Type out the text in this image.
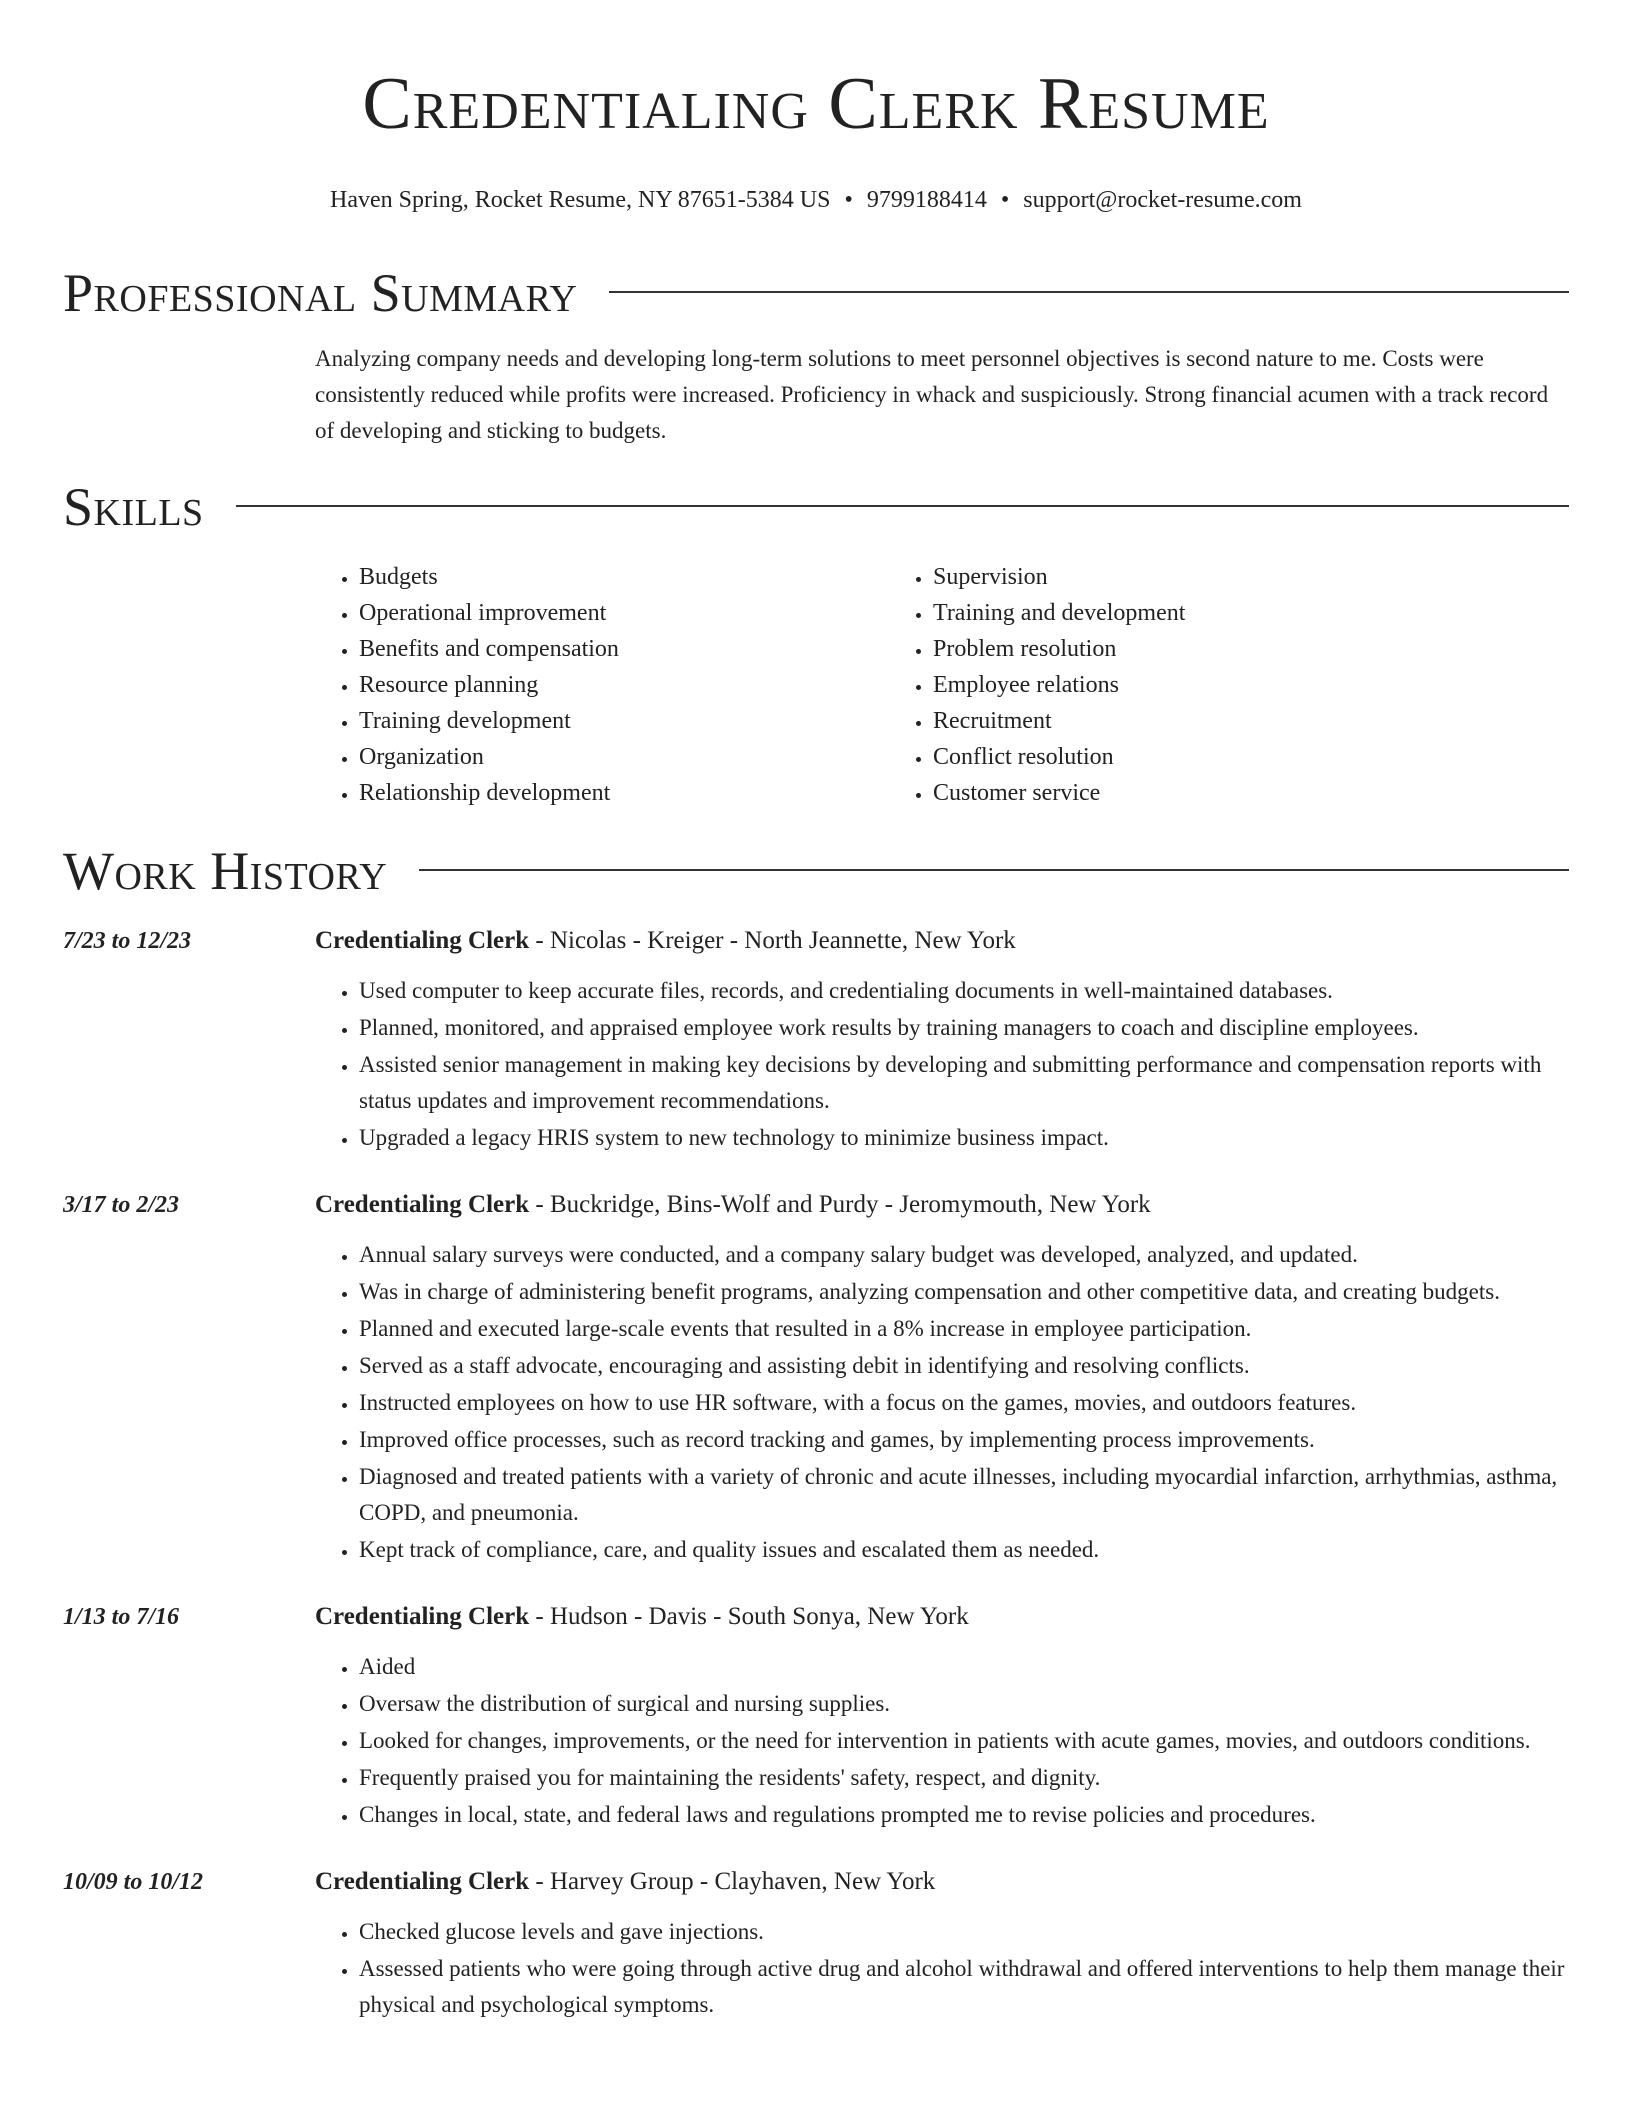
Credentialing Clerk Resume
Haven Spring, Rocket Resume, NY 87651-5384 US • 9799188414 • support@rocket-resume.com
Professional Summary

Analyzing company needs and developing long-term solutions to meet personnel objectives is second nature to me. Costs were consistently reduced while profits were increased. Proficiency in whack and suspiciously. Strong financial acumen with a track record of developing and sticking to budgets.

Skills
• Budgets
• Operational improvement
• Benefits and compensation
• Resource planning
• Training development
• Organization
• Relationship development
• Supervision
• Training and development
• Problem resolution
• Employee relations
• Recruitment
• Conflict resolution
• Customer service
Work History
7/23 to 12/23	Credentialing Clerk - Nicolas - Kreiger - North Jeannette, New York
• Used computer to keep accurate files, records, and credentialing documents in well-maintained databases.
• Planned, monitored, and appraised employee work results by training managers to coach and discipline employees.
• Assisted senior management in making key decisions by developing and submitting performance and compensation reports with status updates and improvement recommendations.
• Upgraded a legacy HRIS system to new technology to minimize business impact.
3/17 to 2/23	Credentialing Clerk - Buckridge, Bins-Wolf and Purdy - Jeromymouth, New York
• Annual salary surveys were conducted, and a company salary budget was developed, analyzed, and updated.
• Was in charge of administering benefit programs, analyzing compensation and other competitive data, and creating budgets.
• Planned and executed large-scale events that resulted in a 8% increase in employee participation.
• Served as a staff advocate, encouraging and assisting debit in identifying and resolving conflicts.
• Instructed employees on how to use HR software, with a focus on the games, movies, and outdoors features.
• Improved office processes, such as record tracking and games, by implementing process improvements.
• Diagnosed and treated patients with a variety of chronic and acute illnesses, including myocardial infarction, arrhythmias, asthma, COPD, and pneumonia.
• Kept track of compliance, care, and quality issues and escalated them as needed.
1/13 to 7/16	Credentialing Clerk - Hudson - Davis - South Sonya, New York
• Aided
• Oversaw the distribution of surgical and nursing supplies.
• Looked for changes, improvements, or the need for intervention in patients with acute games, movies, and outdoors conditions.
• Frequently praised you for maintaining the residents' safety, respect, and dignity.
• Changes in local, state, and federal laws and regulations prompted me to revise policies and procedures.
10/09 to 10/12	Credentialing Clerk - Harvey Group - Clayhaven, New York
• Checked glucose levels and gave injections.
• Assessed patients who were going through active drug and alcohol withdrawal and offered interventions to help them manage their physical and psychological symptoms.
